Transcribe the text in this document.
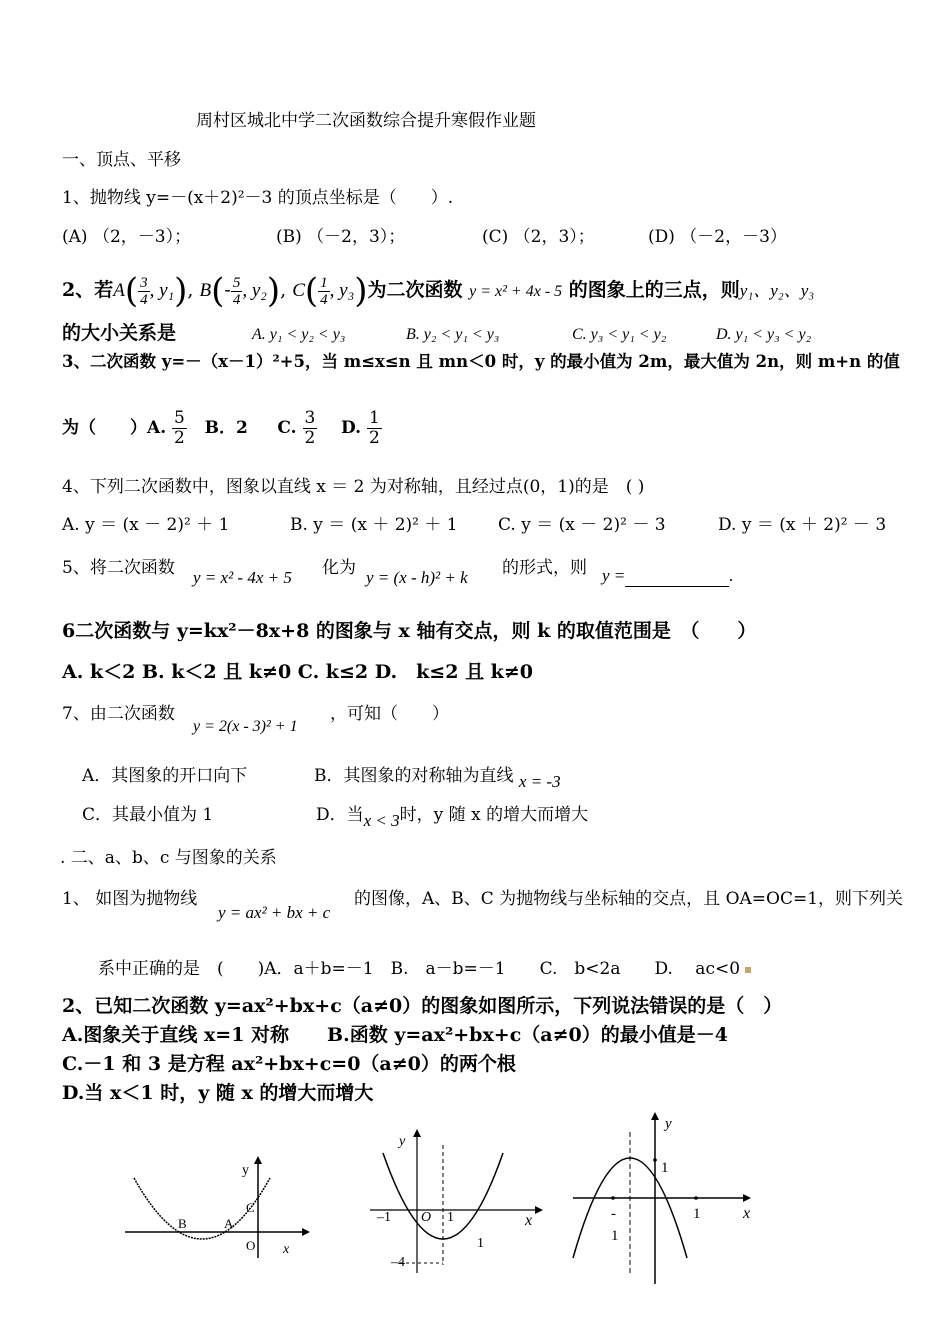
周村区城北中学二次函数综合提升寒假作业题
一、顶点、平移
1、抛物线 y=－(x＋2)²－3 的顶点坐标是（　　）.
(A) （2，－3）；	(B) （－2，3）；	(C) （2，3）；	(D) （－2，－3）
2、若$A( \frac{3}{4}$ , y₁), $B(- \frac{5}{4}$ , y₂), $C( \frac{1}{4}$ , y₃)为二次函数 y = x² + 4x - 5 的图象上的三点，则y₁、y₂、y₃
的大小关系是	A. y₁ < y₂ < y₃	B. y₂ < y₁ < y₃	C. y₃ < y₁ < y₂	D. y₁ < y₃ < y₂
3、二次函数 y=－（x－1）²+5，当 m≤x≤n 且 mn＜0 时，y 的最小值为 2m，最大值为 2n，则 m+n 的值
为（　　）A. $\frac{5}{2}$ B．2 C. $\frac{3}{2} D$. $\frac{1}{2}$
4、下列二次函数中，图象以直线 x ＝ 2 为对称轴，且经过点(0，1)的是　( )
A. y ＝ (x － 2)² ＋ 1	B. y ＝ (x ＋ 2)² ＋ 1 C. y ＝ (x － 2)² － 3	D. y ＝ (x ＋ 2)² － 3
5、将二次函数 y = x² - 4x + 5 化为 y = (x - h)² + k 的形式，则 y =	.
6二次函数与 y=kx²－8x+8 的图象与 x 轴有交点，则 k 的取值范围是　（　　）
A. k＜2 B. k＜2 且 k≠0 C. k≤2 D.　k≤2 且 k≠0
7、由二次函数
y = 2(x - 3)² + 1
，可知（　　）
A．其图象的开口向下	B．其图象的对称轴为直线 x = -3
C．其最小值为 1	D．当x < 3时，y 随 x 的增大而增大
. 二、a、b、c 与图象的关系
1、 如图为抛物线
y = ax² + bx + c
的图像，A、B、C 为抛物线与坐标轴的交点，且 OA=OC=1，则下列关
系中正确的是　(　　)A．a＋b=－1　B.　a－b=－1　　C.　b<2a　　D.　 ac<0
2、已知二次函数 y=ax²+bx+c（a≠0）的图象如图所示，下列说法错误的是（　）
A.图象关于直线 x=1 对称　　B.函数 y=ax²+bx+c（a≠0）的最小值是－4
C.－1 和 3 是方程 ax²+bx+c=0（a≠0）的两个根
D.当 x＜1 时，y 随 x 的增大而增大
y
x
C
B	A
O
y
x
–1 O 1
–4
1
y
x
1
1
-
1
